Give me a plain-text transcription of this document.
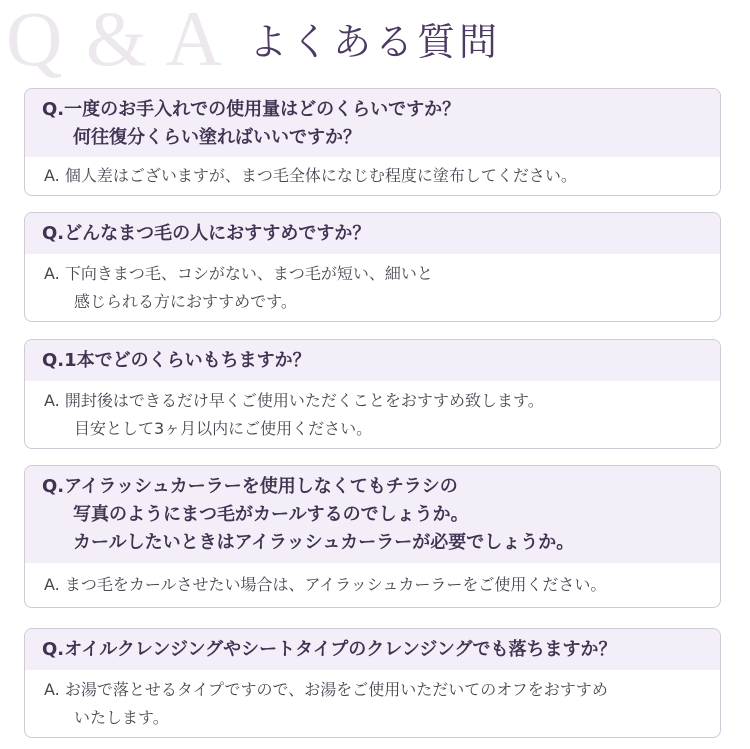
Q & A よくある質問
Q.一度のお手入れでの使用量はどのくらいですか？
何往復分くらい塗ればいいですか？
A. 個人差はございますが、まつ毛全体になじむ程度に塗布してください。
Q.どんなまつ毛の人におすすめですか？
A. 下向きまつ毛、コシがない、まつ毛が短い、細いと
感じられる方におすすめです。
Q.1本でどのくらいもちますか？
A. 開封後はできるだけ早くご使用いただくことをおすすめ致します。
目安として3ヶ月以内にご使用ください。
Q.アイラッシュカーラーを使用しなくてもチラシの
写真のようにまつ毛がカールするのでしょうか。
カールしたいときはアイラッシュカーラーが必要でしょうか。
A. まつ毛をカールさせたい場合は、アイラッシュカーラーをご使用ください。
Q.オイルクレンジングやシートタイプのクレンジングでも落ちますか？
A. お湯で落とせるタイプですので、お湯をご使用いただいてのオフをおすすめ
いたします。
